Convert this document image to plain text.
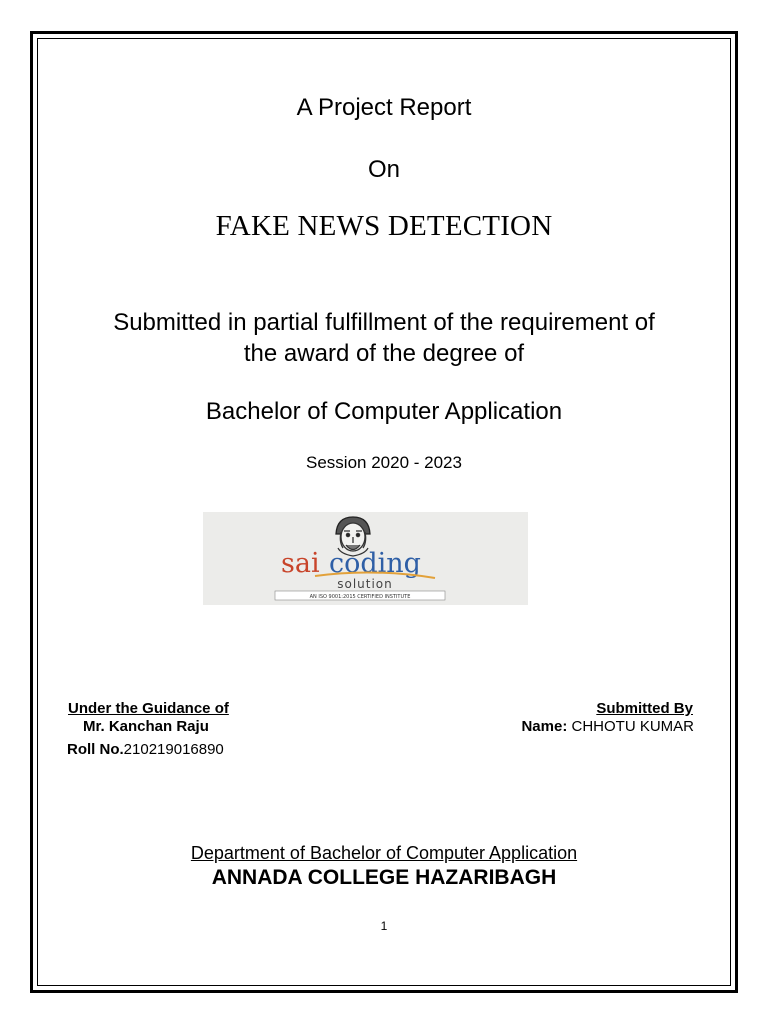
A Project Report
On
FAKE NEWS DETECTION
Submitted in partial fulfillment of the requirement of
the award of the degree of
Bachelor of Computer Application
Session 2020 - 2023
sai coding
solution
AN ISO 9001:2015 CERTIFIED INSTITUTE
Under the Guidance of
Mr. Kanchan Raju
Roll No.210219016890
Submitted By
Name: CHHOTU KUMAR
Department of Bachelor of Computer Application
ANNADA COLLEGE HAZARIBAGH
1
